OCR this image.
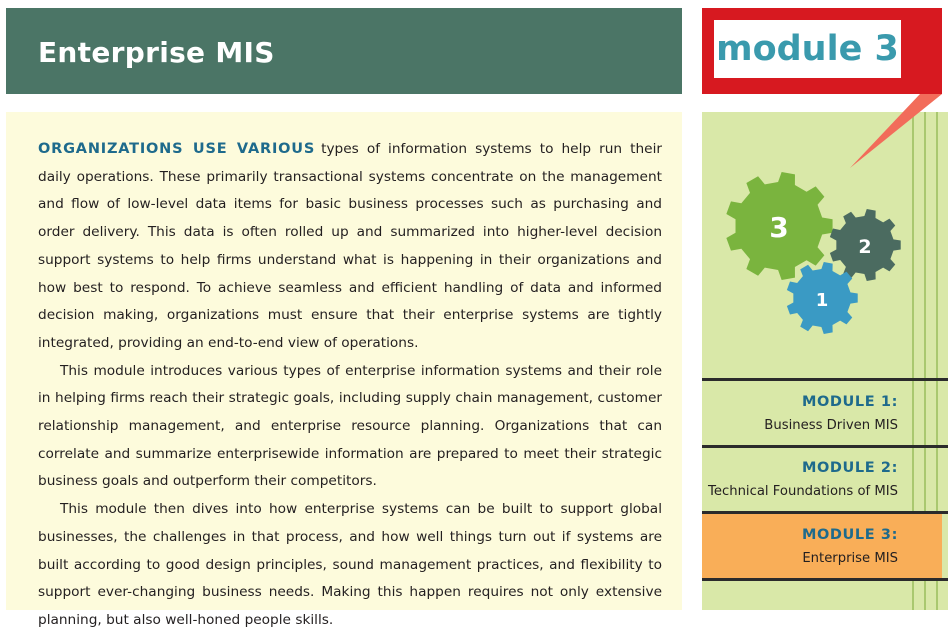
Enterprise MIS	module 3

ORGANIZATIONS USE VARIOUS types of information systems to help run their daily operations. These primarily transactional systems concentrate on the management and flow of low-level data items for basic business processes such as purchasing and order delivery. This data is often rolled up and summarized into higher-level decision support systems to help firms understand what is happening in their organizations and how best to respond. To achieve seamless and efficient handling of data and informed decision making, organizations must ensure that their enterprise systems are tightly integrated, providing an end-to-end view of operations.

This module introduces various types of enterprise information systems and their role in helping firms reach their strategic goals, including supply chain management, customer relationship management, and enterprise resource planning. Organizations that can correlate and summarize enterprisewide information are prepared to meet their strategic business goals and outperform their competitors.

This module then dives into how enterprise systems can be built to support global businesses, the challenges in that process, and how well things turn out if systems are built according to good design principles, sound management practices, and flexibility to support ever-changing business needs. Making this happen requires not only extensive planning, but also well-honed people skills.

MODULE 1:
Business Driven MIS
MODULE 2:
Technical Foundations of MIS
MODULE 3:
Enterprise MIS
3
2
1
